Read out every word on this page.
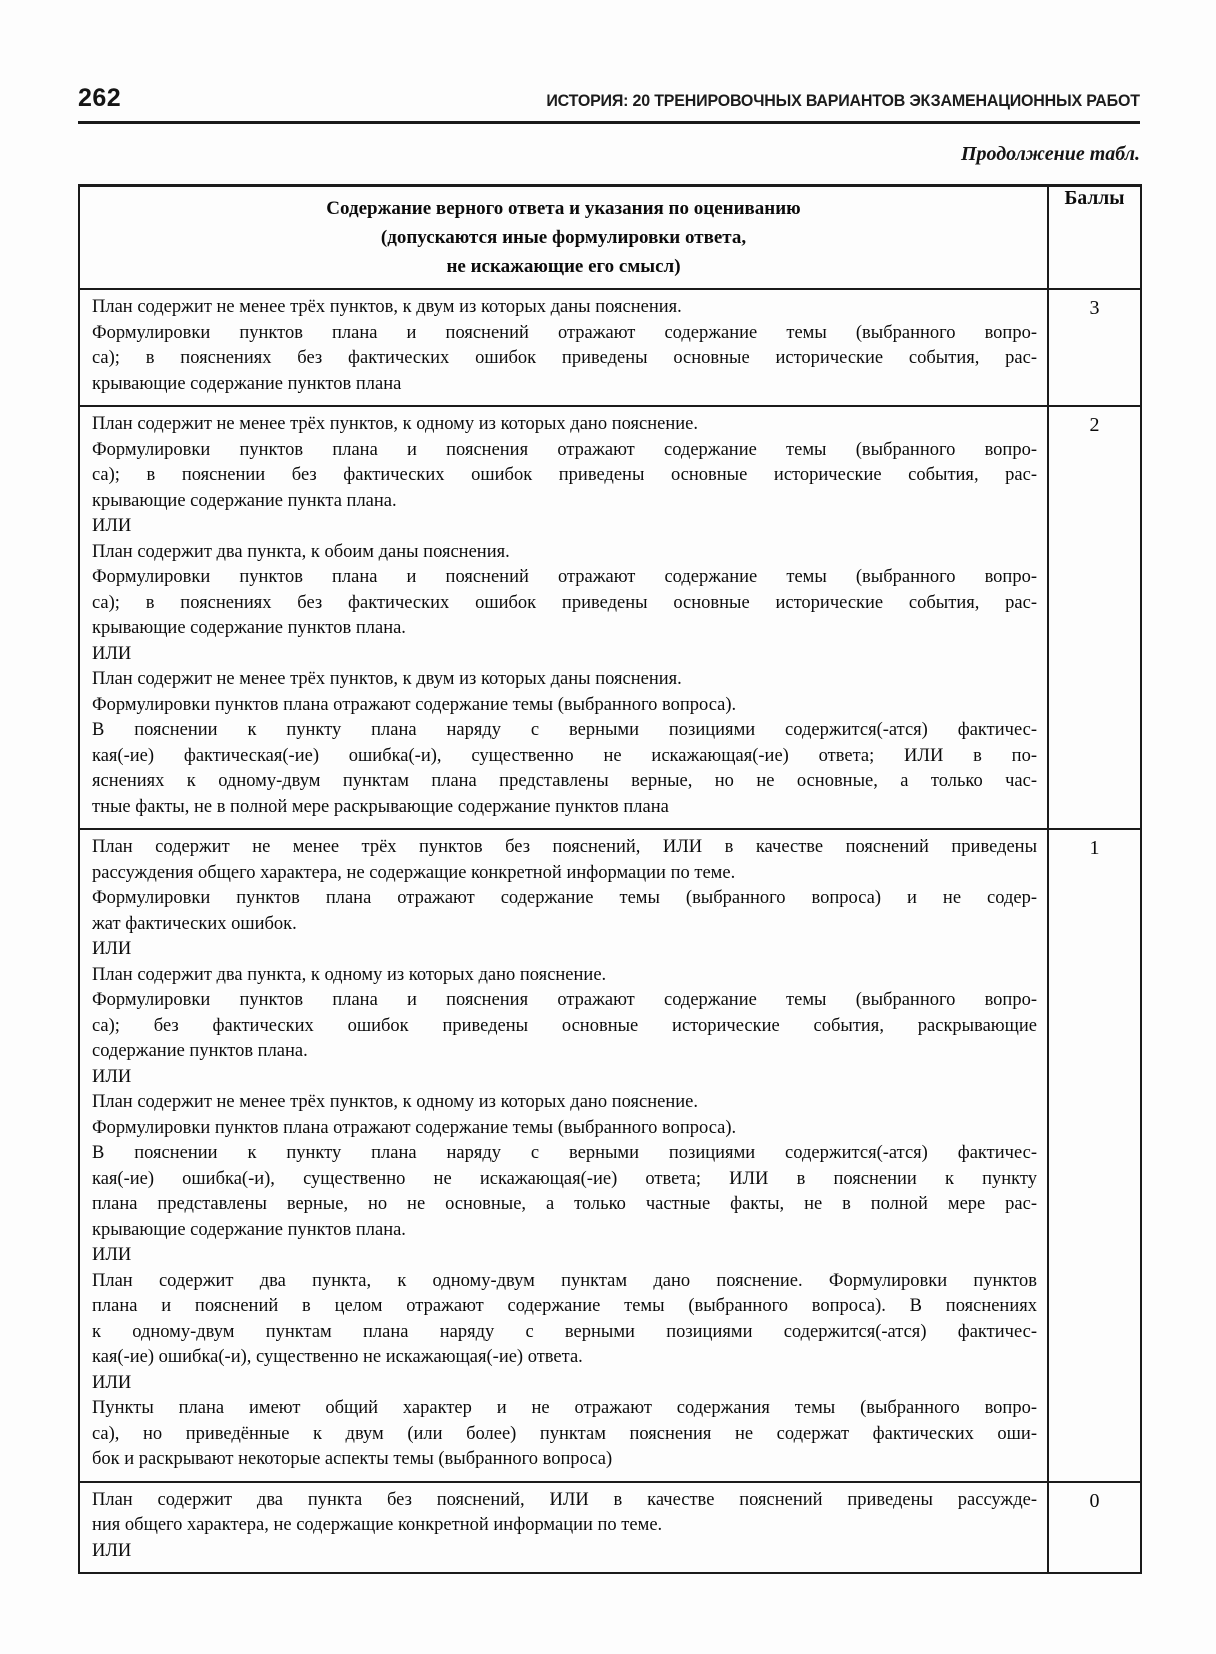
262	ИСТОРИЯ: 20 ТРЕНИРОВОЧНЫХ ВАРИАНТОВ ЭКЗАМЕНАЦИОННЫХ РАБОТ
Продолжение табл.
Содержание верного ответа и указания по оцениванию
(допускаются иные формулировки ответа,
не искажающие его смысл)	Баллы

План содержит не менее трёх пунктов, к двум из которых даны пояснения.
Формулировки пунктов плана и пояснений отражают содержание темы (выбранного вопро-
са); в пояснениях без фактических ошибок приведены основные исторические события, рас-
крывающие содержание пунктов плана	3

План содержит не менее трёх пунктов, к одному из которых дано пояснение.
Формулировки пунктов плана и пояснения отражают содержание темы (выбранного вопро-
са); в пояснении без фактических ошибок приведены основные исторические события, рас-
крывающие содержание пункта плана.
ИЛИ
План содержит два пункта, к обоим даны пояснения.
Формулировки пунктов плана и пояснений отражают содержание темы (выбранного вопро-
са); в пояснениях без фактических ошибок приведены основные исторические события, рас-
крывающие содержание пунктов плана.
ИЛИ
План содержит не менее трёх пунктов, к двум из которых даны пояснения.
Формулировки пунктов плана отражают содержание темы (выбранного вопроса).
В пояснении к пункту плана наряду с верными позициями содержится(-атся) фактичес-
кая(-ие) фактическая(-ие) ошибка(-и), существенно не искажающая(-ие) ответа; ИЛИ в по-
яснениях к одному-двум пунктам плана представлены верные, но не основные, а только час-
тные факты, не в полной мере раскрывающие содержание пунктов плана
	2

План содержит не менее трёх пунктов без пояснений, ИЛИ в качестве пояснений приведены
рассуждения общего характера, не содержащие конкретной информации по теме.
Формулировки пунктов плана отражают содержание темы (выбранного вопроса) и не содер-
жат фактических ошибок.
ИЛИ
План содержит два пункта, к одному из которых дано пояснение.
Формулировки пунктов плана и пояснения отражают содержание темы (выбранного вопро-
са); без фактических ошибок приведены основные исторические события, раскрывающие
содержание пунктов плана.
ИЛИ
План содержит не менее трёх пунктов, к одному из которых дано пояснение.
Формулировки пунктов плана отражают содержание темы (выбранного вопроса).
В пояснении к пункту плана наряду с верными позициями содержится(-атся) фактичес-
кая(-ие) ошибка(-и), существенно не искажающая(-ие) ответа; ИЛИ в пояснении к пункту
плана представлены верные, но не основные, а только частные факты, не в полной мере рас-
крывающие содержание пунктов плана.
ИЛИ
План содержит два пункта, к одному-двум пунктам дано пояснение. Формулировки пунктов
плана и пояснений в целом отражают содержание темы (выбранного вопроса). В пояснениях
к одному-двум пунктам плана наряду с верными позициями содержится(-атся) фактичес-
кая(-ие) ошибка(-и), существенно не искажающая(-ие) ответа.
ИЛИ
Пункты плана имеют общий характер и не отражают содержания темы (выбранного вопро-
са), но приведённые к двум (или более) пунктам пояснения не содержат фактических оши-
бок и раскрывают некоторые аспекты темы (выбранного вопроса)
	1

План содержит два пункта без пояснений, ИЛИ в качестве пояснений приведены рассужде-
ния общего характера, не содержащие конкретной информации по теме.
ИЛИ	0
